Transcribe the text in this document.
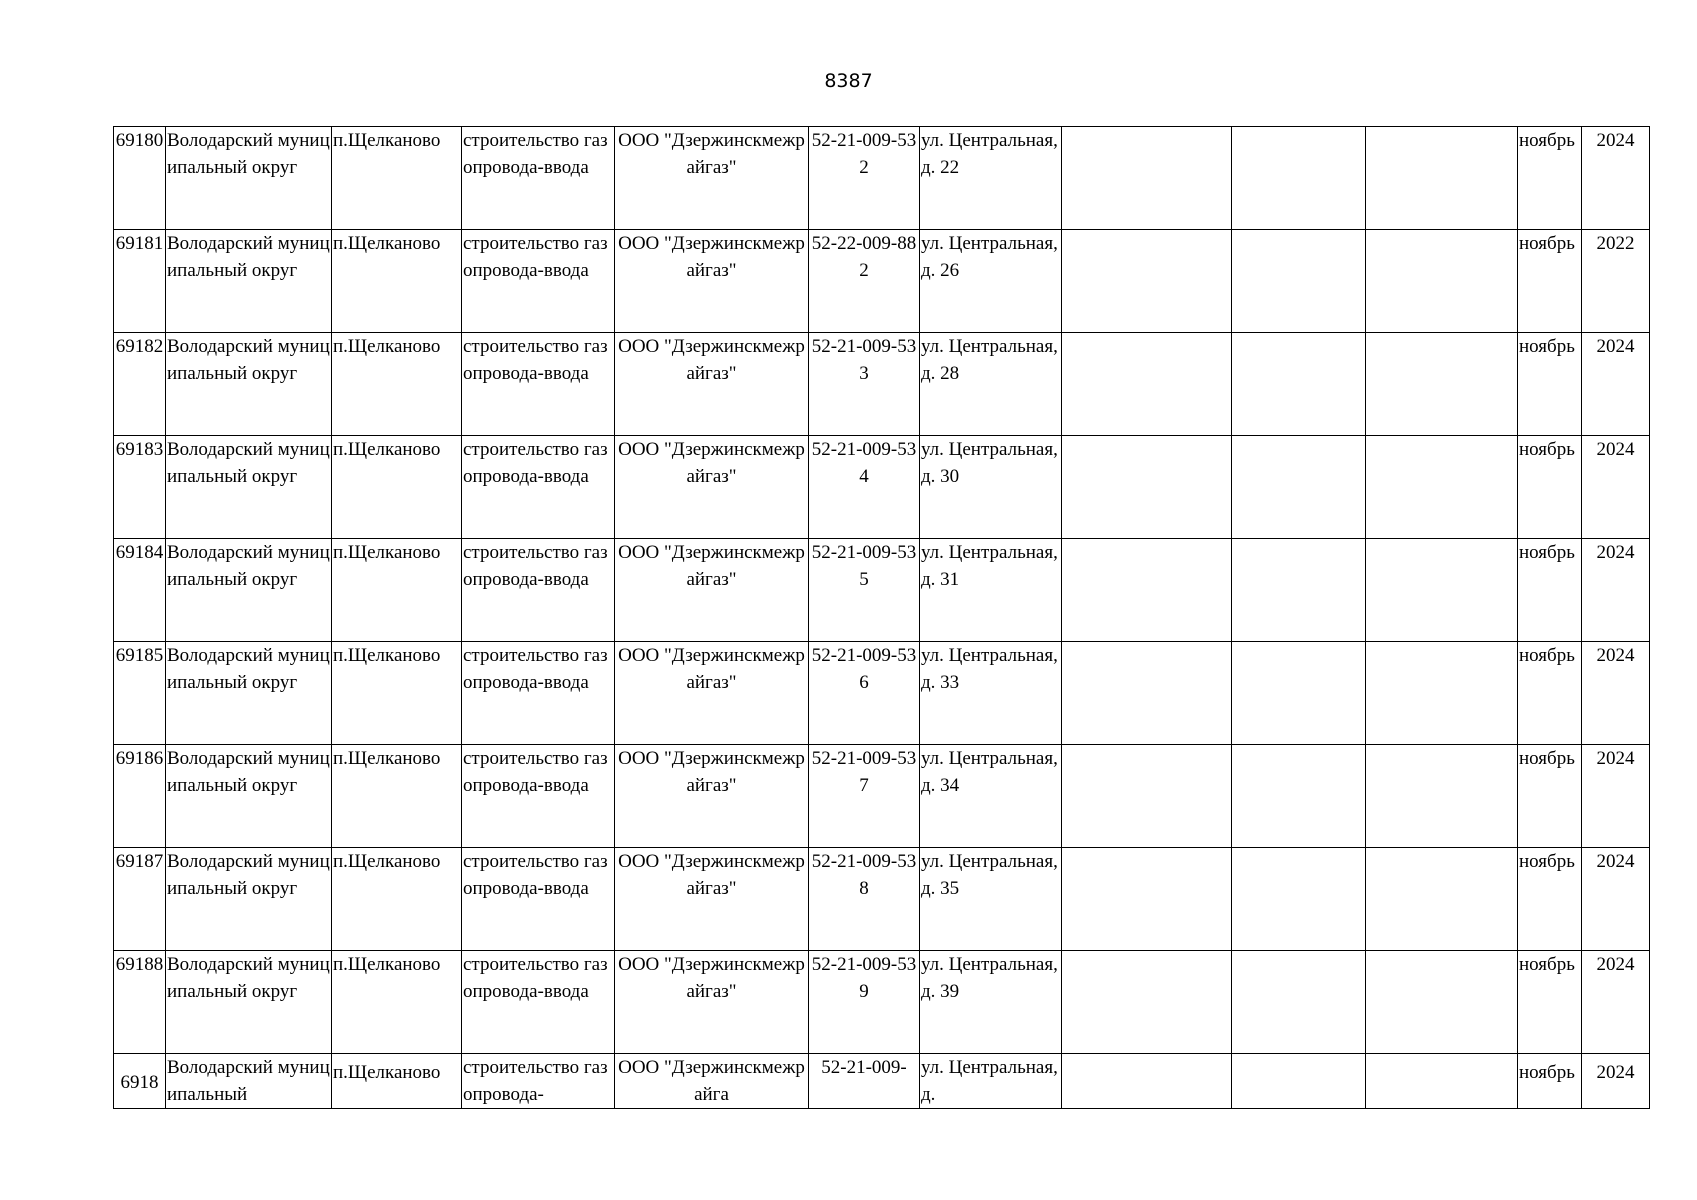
8387
69180	Володарский муниципальный округ	п.Щелканово	строительство газопровода-ввода	ООО "Дзержинскмежрайгаз"	52-21-009-532	ул. Центральная, д. 22				ноябрь	2024
69181	Володарский муниципальный округ	п.Щелканово	строительство газопровода-ввода	ООО "Дзержинскмежрайгаз"	52-22-009-882	ул. Центральная, д. 26				ноябрь	2022
69182	Володарский муниципальный округ	п.Щелканово	строительство газопровода-ввода	ООО "Дзержинскмежрайгаз"	52-21-009-533	ул. Центральная, д. 28				ноябрь	2024
69183	Володарский муниципальный округ	п.Щелканово	строительство газопровода-ввода	ООО "Дзержинскмежрайгаз"	52-21-009-534	ул. Центральная, д. 30				ноябрь	2024
69184	Володарский муниципальный округ	п.Щелканово	строительство газопровода-ввода	ООО "Дзержинскмежрайгаз"	52-21-009-535	ул. Центральная, д. 31				ноябрь	2024
69185	Володарский муниципальный округ	п.Щелканово	строительство газопровода-ввода	ООО "Дзержинскмежрайгаз"	52-21-009-536	ул. Центральная, д. 33				ноябрь	2024
69186	Володарский муниципальный округ	п.Щелканово	строительство газопровода-ввода	ООО "Дзержинскмежрайгаз"	52-21-009-537	ул. Центральная, д. 34				ноябрь	2024
69187	Володарский муниципальный округ	п.Щелканово	строительство газопровода-ввода	ООО "Дзержинскмежрайгаз"	52-21-009-538	ул. Центральная, д. 35				ноябрь	2024
69188	Володарский муниципальный округ	п.Щелканово	строительство газопровода-ввода	ООО "Дзержинскмежрайгаз"	52-21-009-539	ул. Центральная, д. 39				ноябрь	2024
6918	Володарский муниципальный	п.Щелканово	строительство газопровода-	ООО "Дзержинскмежрайга	52-21-009-	ул. Центральная, д.				ноябрь	2024
